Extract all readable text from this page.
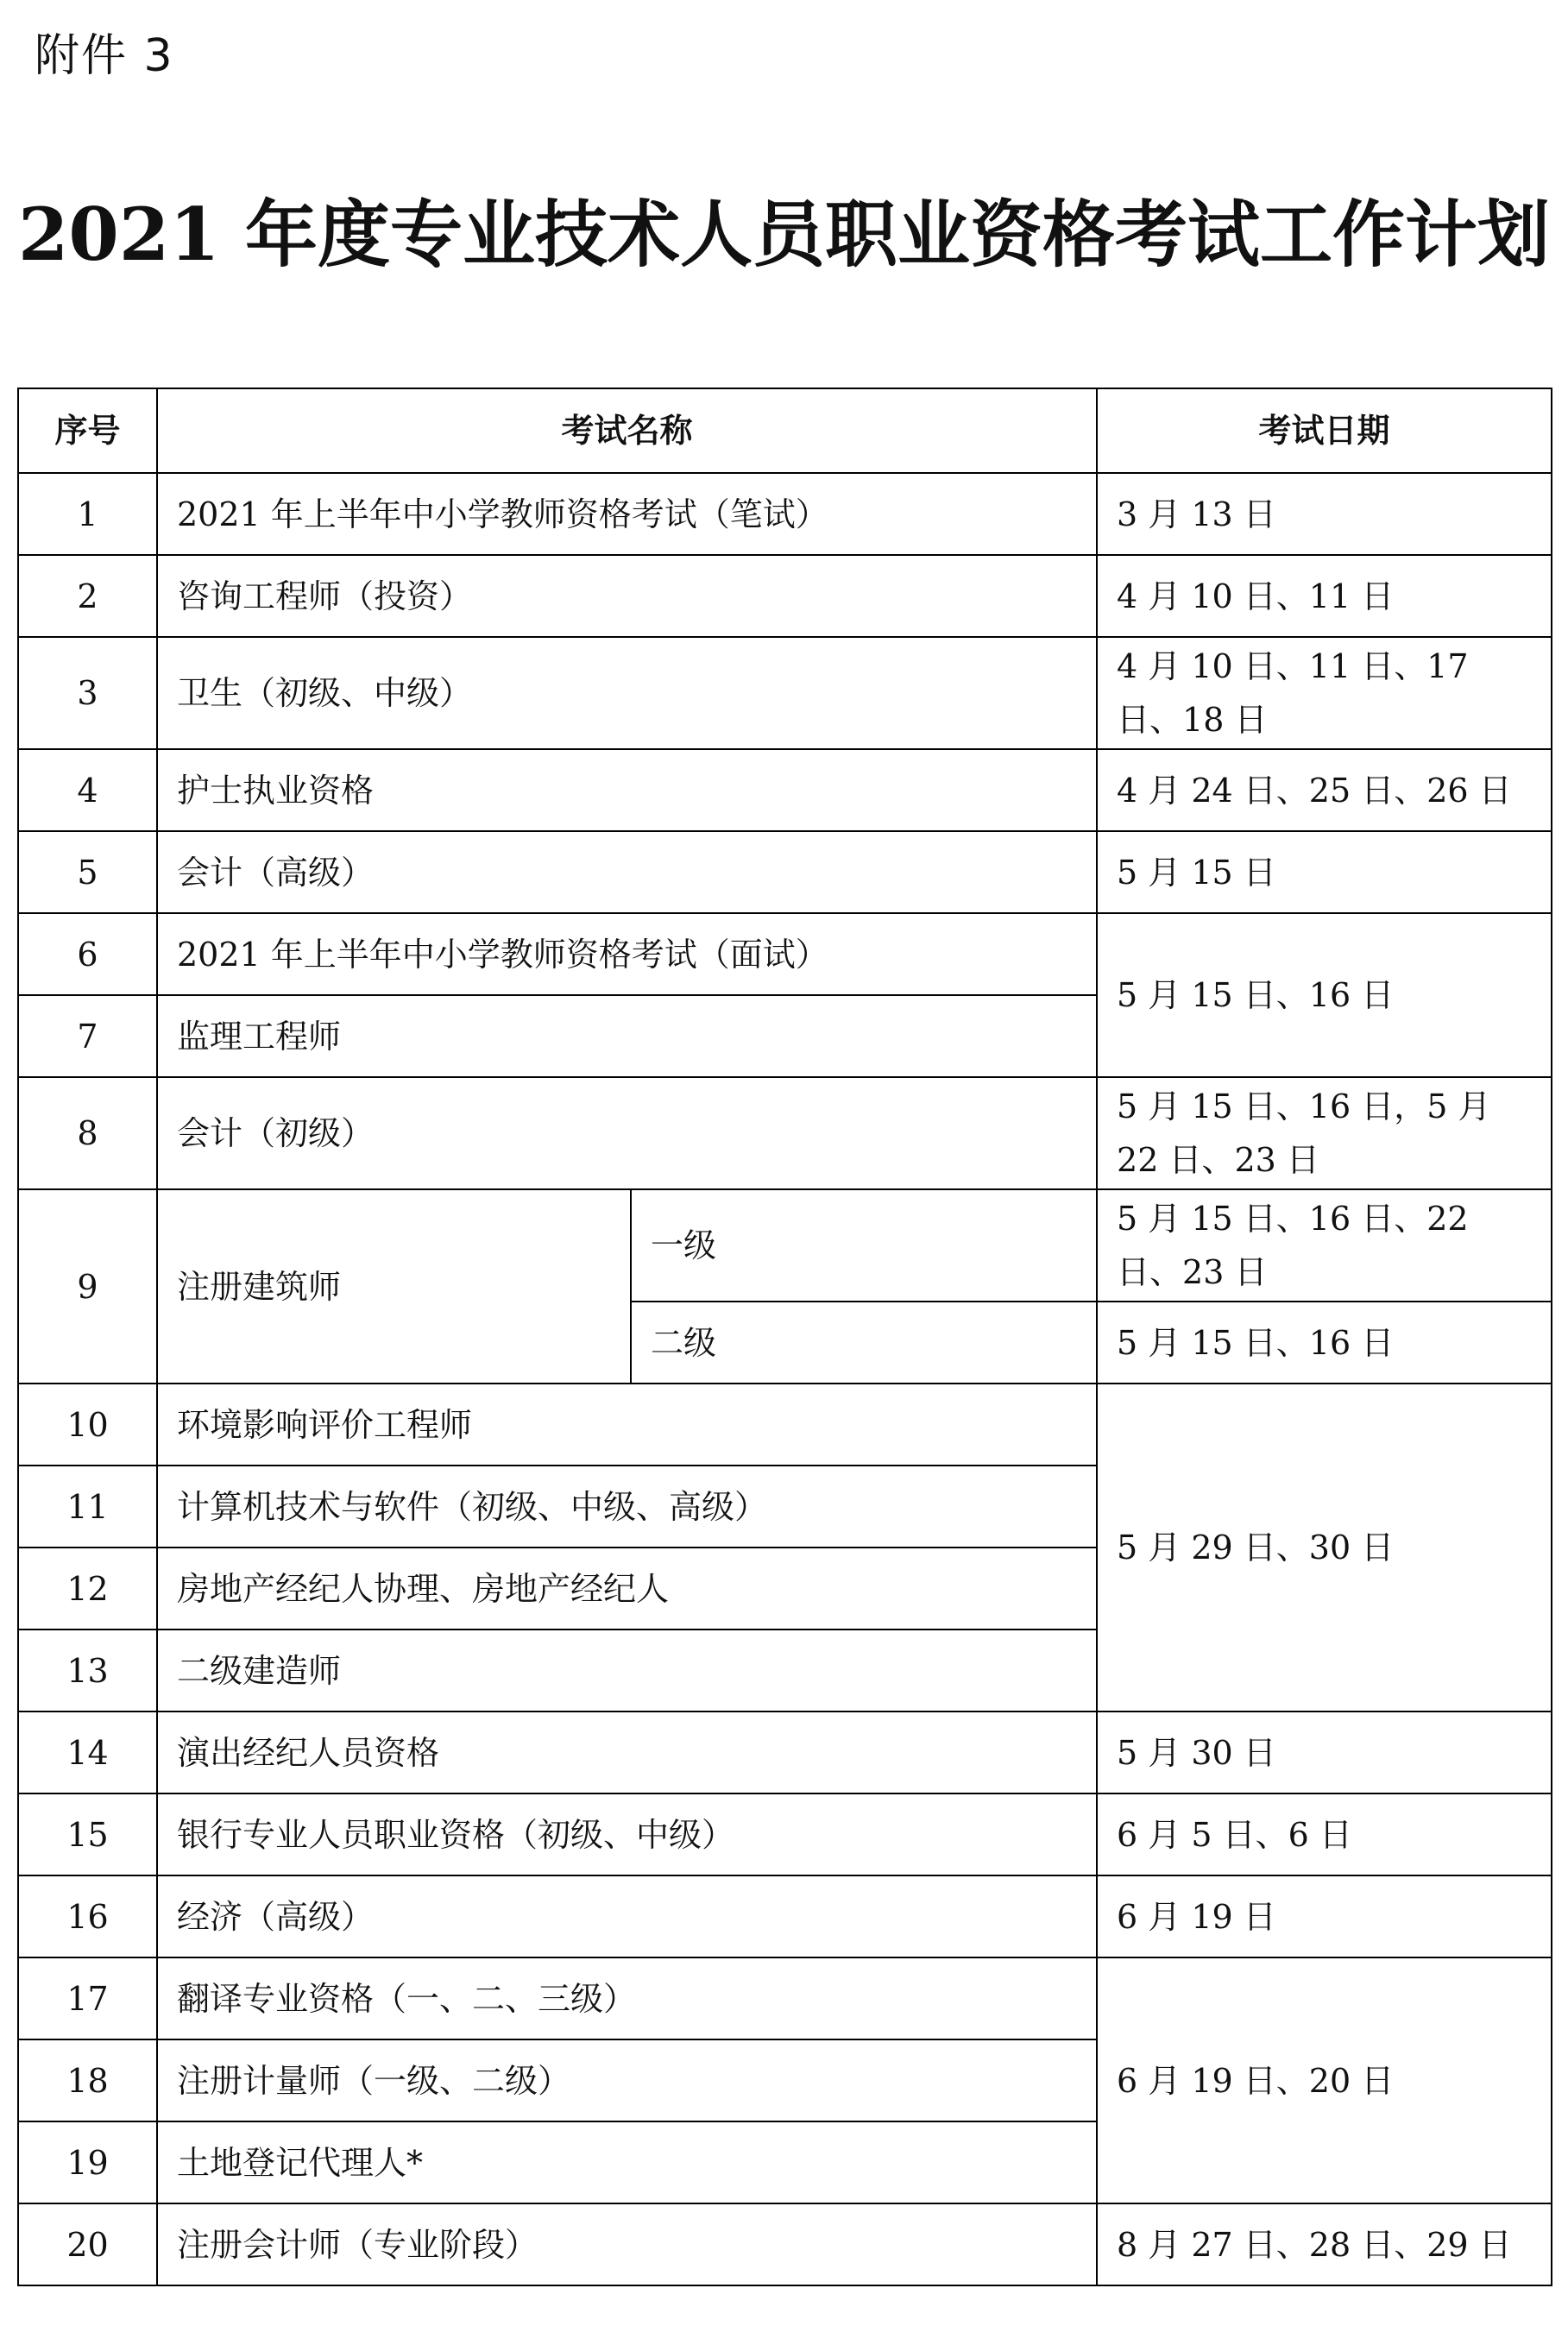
附件 3
2021 年度专业技术人员职业资格考试工作计划
序号	考试名称		考试日期
1	2021 年上半年中小学教师资格考试（笔试）		3 月 13 日
2	咨询工程师（投资）		4 月 10 日、11 日
3	卫生（初级、中级）		4 月 10 日、11 日、17 日、18 日
4	护士执业资格		4 月 24 日、25 日、26 日
5	会计（高级）		5 月 15 日
6	2021 年上半年中小学教师资格考试（面试）		5 月 15 日、16 日
7	监理工程师		
8	会计（初级）		5 月 15 日、16 日，5 月 22 日、23 日
9	注册建筑师	一级	5 月 15 日、16 日、22 日、23 日
		二级	5 月 15 日、16 日
10	环境影响评价工程师		5 月 29 日、30 日
11	计算机技术与软件（初级、中级、高级）		
12	房地产经纪人协理、房地产经纪人		
13	二级建造师		
14	演出经纪人员资格		5 月 30 日
15	银行专业人员职业资格（初级、中级）		6 月 5 日、6 日
16	经济（高级）		6 月 19 日
17	翻译专业资格（一、二、三级）		6 月 19 日、20 日
18	注册计量师（一级、二级）		
19	土地登记代理人*		
20	注册会计师（专业阶段）		8 月 27 日、28 日、29 日
